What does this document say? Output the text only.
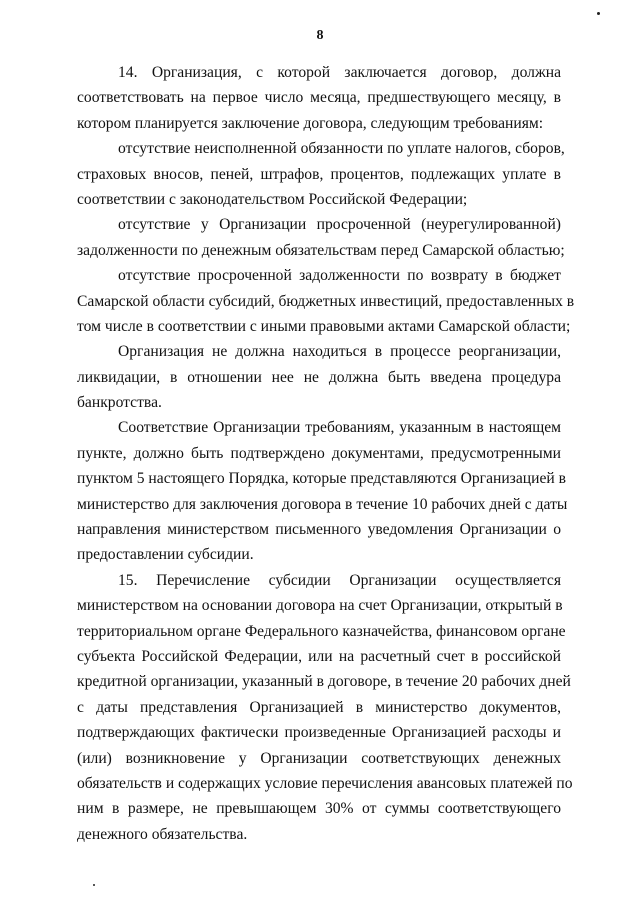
8
14. Организация, с которой заключается договор, должна
соответствовать на первое число месяца, предшествующего месяцу, в
котором планируется заключение договора, следующим требованиям:
отсутствие неисполненной обязанности по уплате налогов, сборов,
страховых вносов, пеней, штрафов, процентов, подлежащих уплате в
соответствии с законодательством Российской Федерации;
отсутствие у Организации просроченной (неурегулированной)
задолженности по денежным обязательствам перед Самарской областью;
отсутствие просроченной задолженности по возврату в бюджет
Самарской области субсидий, бюджетных инвестиций, предоставленных в
том числе в соответствии с иными правовыми актами Самарской области;
Организация не должна находиться в процессе реорганизации,
ликвидации, в отношении нее не должна быть введена процедура
банкротства.
Соответствие Организации требованиям, указанным в настоящем
пункте, должно быть подтверждено документами, предусмотренными
пунктом 5 настоящего Порядка, которые представляются Организацией в
министерство для заключения договора в течение 10 рабочих дней с даты
направления министерством письменного уведомления Организации о
предоставлении субсидии.
15. Перечисление субсидии Организации осуществляется
министерством на основании договора на счет Организации, открытый в
территориальном органе Федерального казначейства, финансовом органе
субъекта Российской Федерации, или на расчетный счет в российской
кредитной организации, указанный в договоре, в течение 20 рабочих дней
с даты представления Организацией в министерство документов,
подтверждающих фактически произведенные Организацией расходы и
(или) возникновение у Организации соответствующих денежных
обязательств и содержащих условие перечисления авансовых платежей по
ним в размере, не превышающем 30% от суммы соответствующего
денежного обязательства.
